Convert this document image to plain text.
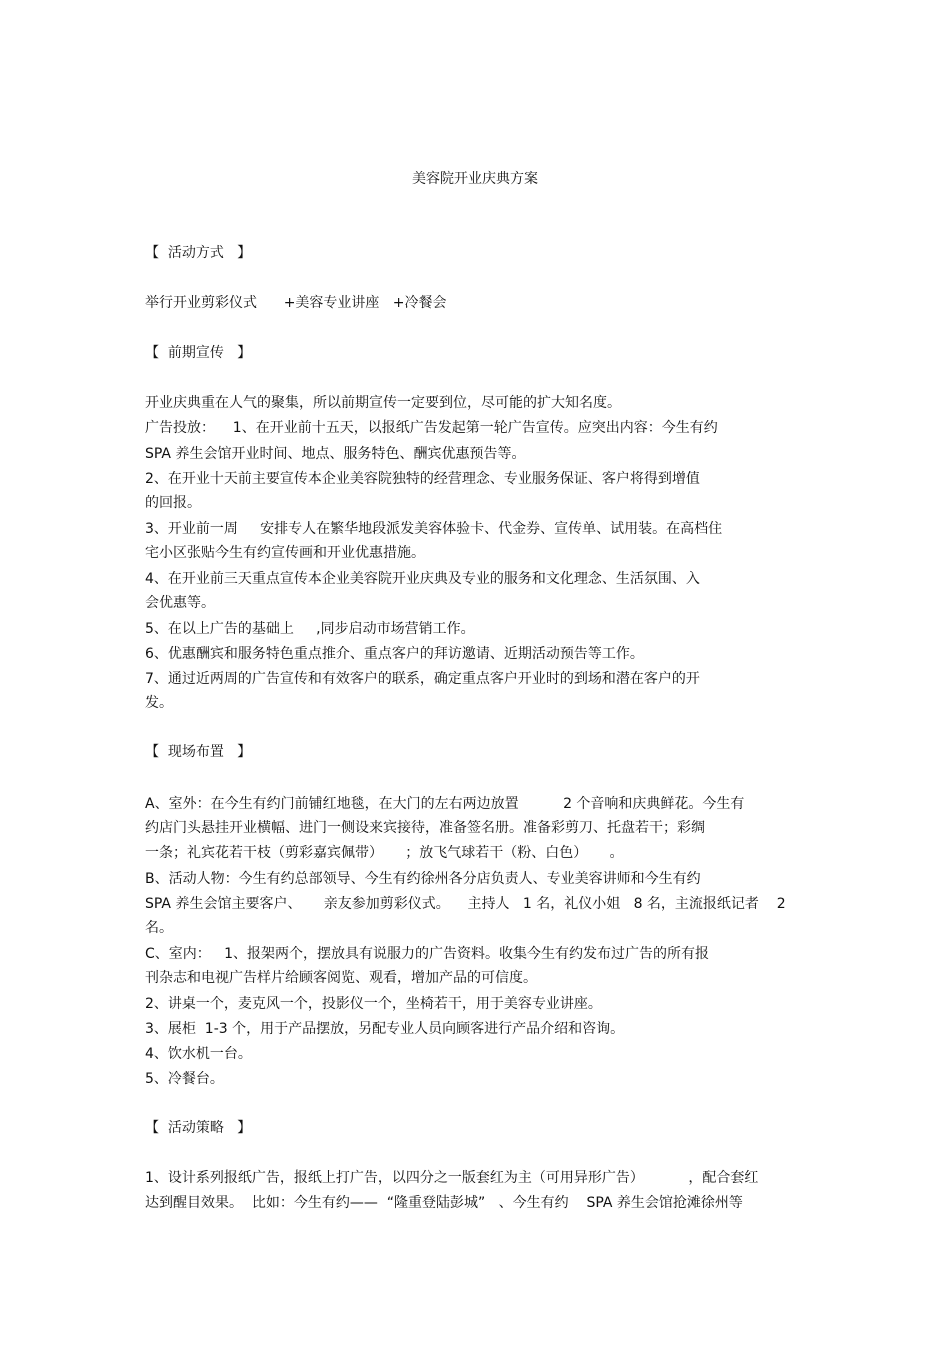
美容院开业庆典方案
【  活动方式   】
举行开业剪彩仪式      +美容专业讲座   +冷餐会
【  前期宣传   】
开业庆典重在人气的聚集，所以前期宣传一定要到位，尽可能的扩大知名度。
广告投放：    1、在开业前十五天，以报纸广告发起第一轮广告宣传。应突出内容：今生有约
SPA 养生会馆开业时间、地点、服务特色、酬宾优惠预告等。
2、在开业十天前主要宣传本企业美容院独特的经营理念、专业服务保证、客户将得到增值
的回报。
3、开业前一周     安排专人在繁华地段派发美容体验卡、代金券、宣传单、试用装。在高档住
宅小区张贴今生有约宣传画和开业优惠措施。
4、在开业前三天重点宣传本企业美容院开业庆典及专业的服务和文化理念、生活氛围、入
会优惠等。
5、在以上广告的基础上     ,同步启动市场营销工作。
6、优惠酬宾和服务特色重点推介、重点客户的拜访邀请、近期活动预告等工作。
7、通过近两周的广告宣传和有效客户的联系，确定重点客户开业时的到场和潜在客户的开
发。
【  现场布置   】
A、室外：在今生有约门前铺红地毯，在大门的左右两边放置          2 个音响和庆典鲜花。今生有
约店门头悬挂开业横幅、进门一侧设来宾接待，准备签名册。准备彩剪刀、托盘若干；彩绸
一条；礼宾花若干枝（剪彩嘉宾佩带）     ；放飞气球若干（粉、白色）     。
B、活动人物：今生有约总部领导、今生有约徐州各分店负责人、专业美容讲师和今生有约
SPA 养生会馆主要客户、     亲友参加剪彩仪式。    主持人   1 名，礼仪小姐   8 名，主流报纸记者    2
名。
C、室内：   1、报架两个，摆放具有说服力的广告资料。收集今生有约发布过广告的所有报
刊杂志和电视广告样片给顾客阅览、观看，增加产品的可信度。
2、讲桌一个，麦克风一个，投影仪一个，坐椅若干，用于美容专业讲座。
3、展柜  1-3 个，用于产品摆放，另配专业人员向顾客进行产品介绍和咨询。
4、饮水机一台。
5、冷餐台。
【  活动策略   】
1、设计系列报纸广告，报纸上打广告，以四分之一版套红为主（可用异形广告）          ，配合套红
达到醒目效果。  比如：今生有约——  “隆重登陆彭城”   、今生有约    SPA 养生会馆抢滩徐州等
